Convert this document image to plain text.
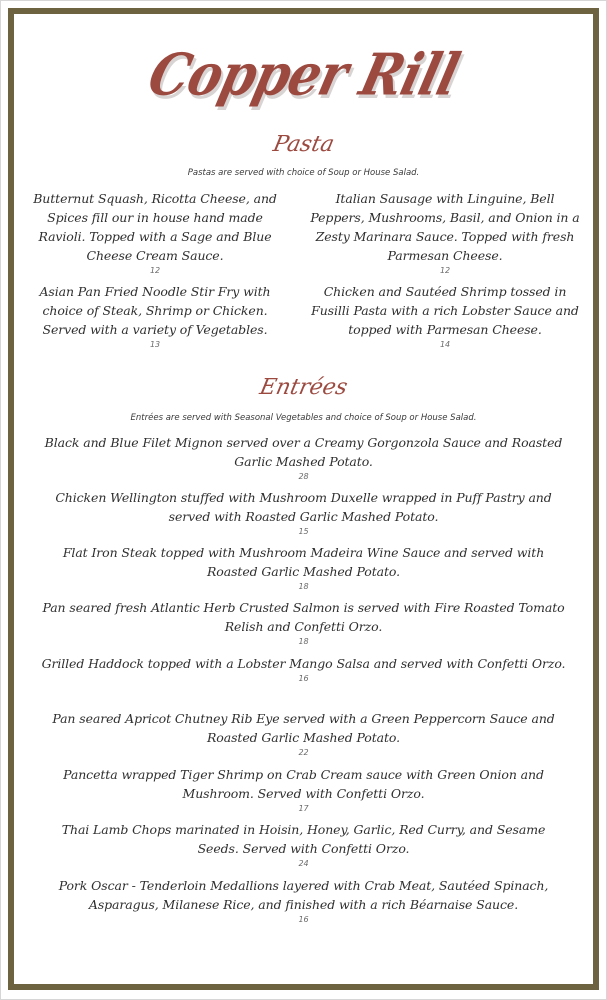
Copper Rill
Pasta
Pastas are served with choice of Soup or House Salad.
Butternut Squash, Ricotta Cheese, and Spices fill our in house hand made Ravioli. Topped with a Sage and Blue Cheese Cream Sauce.
12
Italian Sausage with Linguine, Bell Peppers, Mushrooms, Basil, and Onion in a Zesty Marinara Sauce. Topped with fresh Parmesan Cheese.
12
Asian Pan Fried Noodle Stir Fry with choice of Steak, Shrimp or Chicken. Served with a variety of Vegetables.
13
Chicken and Sautéed Shrimp tossed in Fusilli Pasta with a rich Lobster Sauce and topped with Parmesan Cheese.
14
Entrées
Entrées are served with Seasonal Vegetables and choice of Soup or House Salad.
Black and Blue Filet Mignon served over a Creamy Gorgonzola Sauce and Roasted Garlic Mashed Potato.
28
Chicken Wellington stuffed with Mushroom Duxelle wrapped in Puff Pastry and served with Roasted Garlic Mashed Potato.
15
Flat Iron Steak topped with Mushroom Madeira Wine Sauce and served with Roasted Garlic Mashed Potato.
18
Pan seared fresh Atlantic Herb Crusted Salmon is served with Fire Roasted Tomato Relish and Confetti Orzo.
18
Grilled Haddock topped with a Lobster Mango Salsa and served with Confetti Orzo.
16
Pan seared Apricot Chutney Rib Eye served with a Green Peppercorn Sauce and Roasted Garlic Mashed Potato.
22
Pancetta wrapped Tiger Shrimp on Crab Cream sauce with Green Onion and Mushroom. Served with Confetti Orzo.
17
Thai Lamb Chops marinated in Hoisin, Honey, Garlic, Red Curry, and Sesame Seeds. Served with Confetti Orzo.
24
Pork Oscar - Tenderloin Medallions layered with Crab Meat, Sautéed Spinach, Asparagus, Milanese Rice, and finished with a rich Béarnaise Sauce.
16
